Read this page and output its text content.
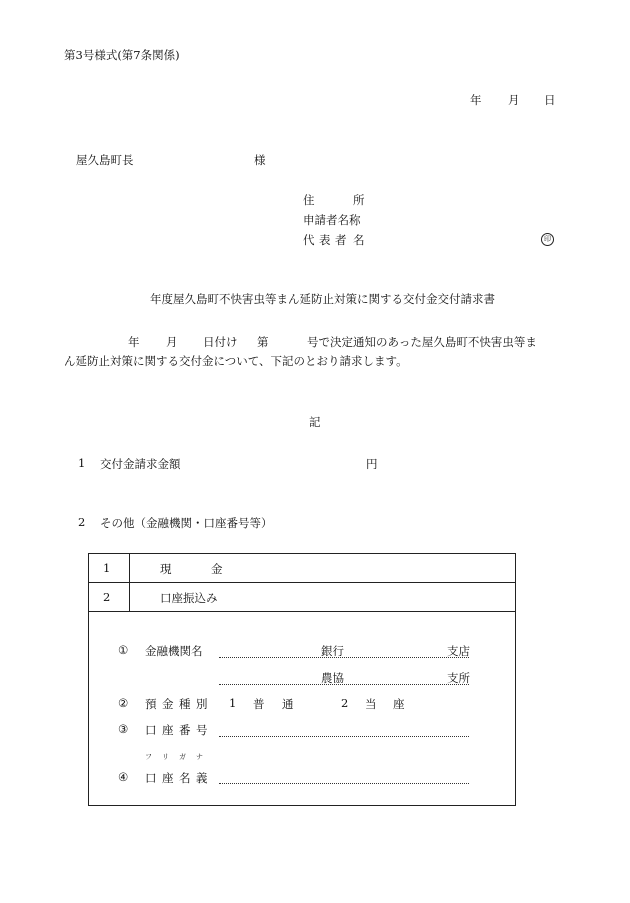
第3号様式(第7条関係)
年 月 日
屋久島町長	様
住	所
申請者名称
代 表 者 名	印
年度屋久島町不快害虫等まん延防止対策に関する交付金交付請求書
年 月 日付け 第	号で決定通知のあった屋久島町不快害虫等ま
ん延防止対策に関する交付金について、下記のとおり請求します。
記
1 交付金請求金額	円
2 その他（金融機関・口座番号等）
1	現	金
2	口座振込み
① 金融機関名	銀行	支店
農協	支所
② 預 金 種 別 1 普 通	2 当 座
③ 口 座 番 号
フ リ ガ ナ
④ 口 座 名 義
